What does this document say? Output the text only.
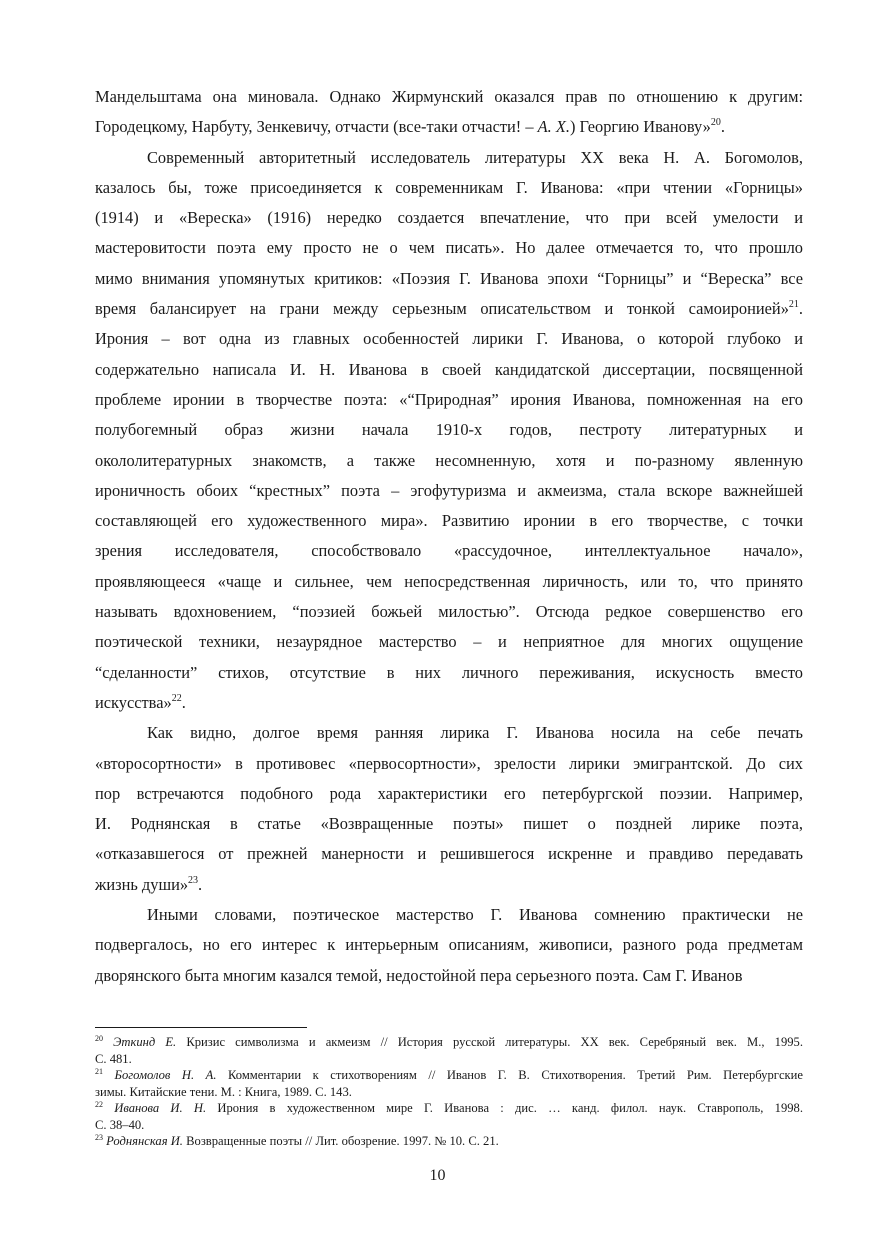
Мандельштама она миновала. Однако Жирмунский оказался прав по отношению к другим:
Городецкому, Нарбуту, Зенкевичу, отчасти (все-таки отчасти! – А. Х.) Георгию Иванову»$^{20}$.
Современный авторитетный исследователь литературы ХХ века Н. А. Богомолов,
казалось бы, тоже присоединяется к современникам Г. Иванова: «при чтении «Горницы»
(1914) и «Вереска» (1916) нередко создается впечатление, что при всей умелости и
мастеровитости поэта ему просто не о чем писать». Но далее отмечается то, что прошло
мимо внимания упомянутых критиков: «Поэзия Г. Иванова эпохи “Горницы” и “Вереска” все
время балансирует на грани между серьезным описательством и тонкой самоиронией»$^{21}$.
Ирония – вот одна из главных особенностей лирики Г. Иванова, о которой глубоко и
содержательно написала И. Н. Иванова в своей кандидатской диссертации, посвященной
проблеме иронии в творчестве поэта: «“Природная” ирония Иванова, помноженная на его
полубогемный образ жизни начала 1910-х годов, пестроту литературных и
окололитературных знакомств, а также несомненную, хотя и по-разному явленную
ироничность обоих “крестных” поэта – эгофутуризма и акмеизма, стала вскоре важнейшей
составляющей его художественного мира». Развитию иронии в его творчестве, с точки
зрения исследователя, способствовало «рассудочное, интеллектуальное начало»,
проявляющееся «чаще и сильнее, чем непосредственная лиричность, или то, что принято
называть вдохновением, “поэзией божьей милостью”. Отсюда редкое совершенство его
поэтической техники, незаурядное мастерство – и неприятное для многих ощущение
“сделанности” стихов, отсутствие в них личного переживания, искусность вместо
искусства»$^{22}$.
Как видно, долгое время ранняя лирика Г. Иванова носила на себе печать
«второсортности» в противовес «первосортности», зрелости лирики эмигрантской. До сих
пор встречаются подобного рода характеристики его петербургской поэзии. Например,
И. Роднянская в статье «Возвращенные поэты» пишет о поздней лирике поэта,
«отказавшегося от прежней манерности и решившегося искренне и правдиво передавать
жизнь души»$^{23}$.
Иными словами, поэтическое мастерство Г. Иванова сомнению практически не
подвергалось, но его интерес к интерьерным описаниям, живописи, разного рода предметам
дворянского быта многим казался темой, недостойной пера серьезного поэта. Сам Г. Иванов
$^{20}$ Эткинд Е. Кризис символизма и акмеизм // История русской литературы. ХХ век. Серебряный век. М., 1995.
С. 481.
$^{21}$ Богомолов Н. А. Комментарии к стихотворениям // Иванов Г. В. Стихотворения. Третий Рим. Петербургские
зимы. Китайские тени. М. : Книга, 1989. С. 143.
$^{22}$ Иванова И. Н. Ирония в художественном мире Г. Иванова : дис. … канд. филол. наук. Ставрополь, 1998.
С. 38–40.
$^{23}$ Роднянская И. Возвращенные поэты // Лит. обозрение. 1997. № 10. С. 21.
10
